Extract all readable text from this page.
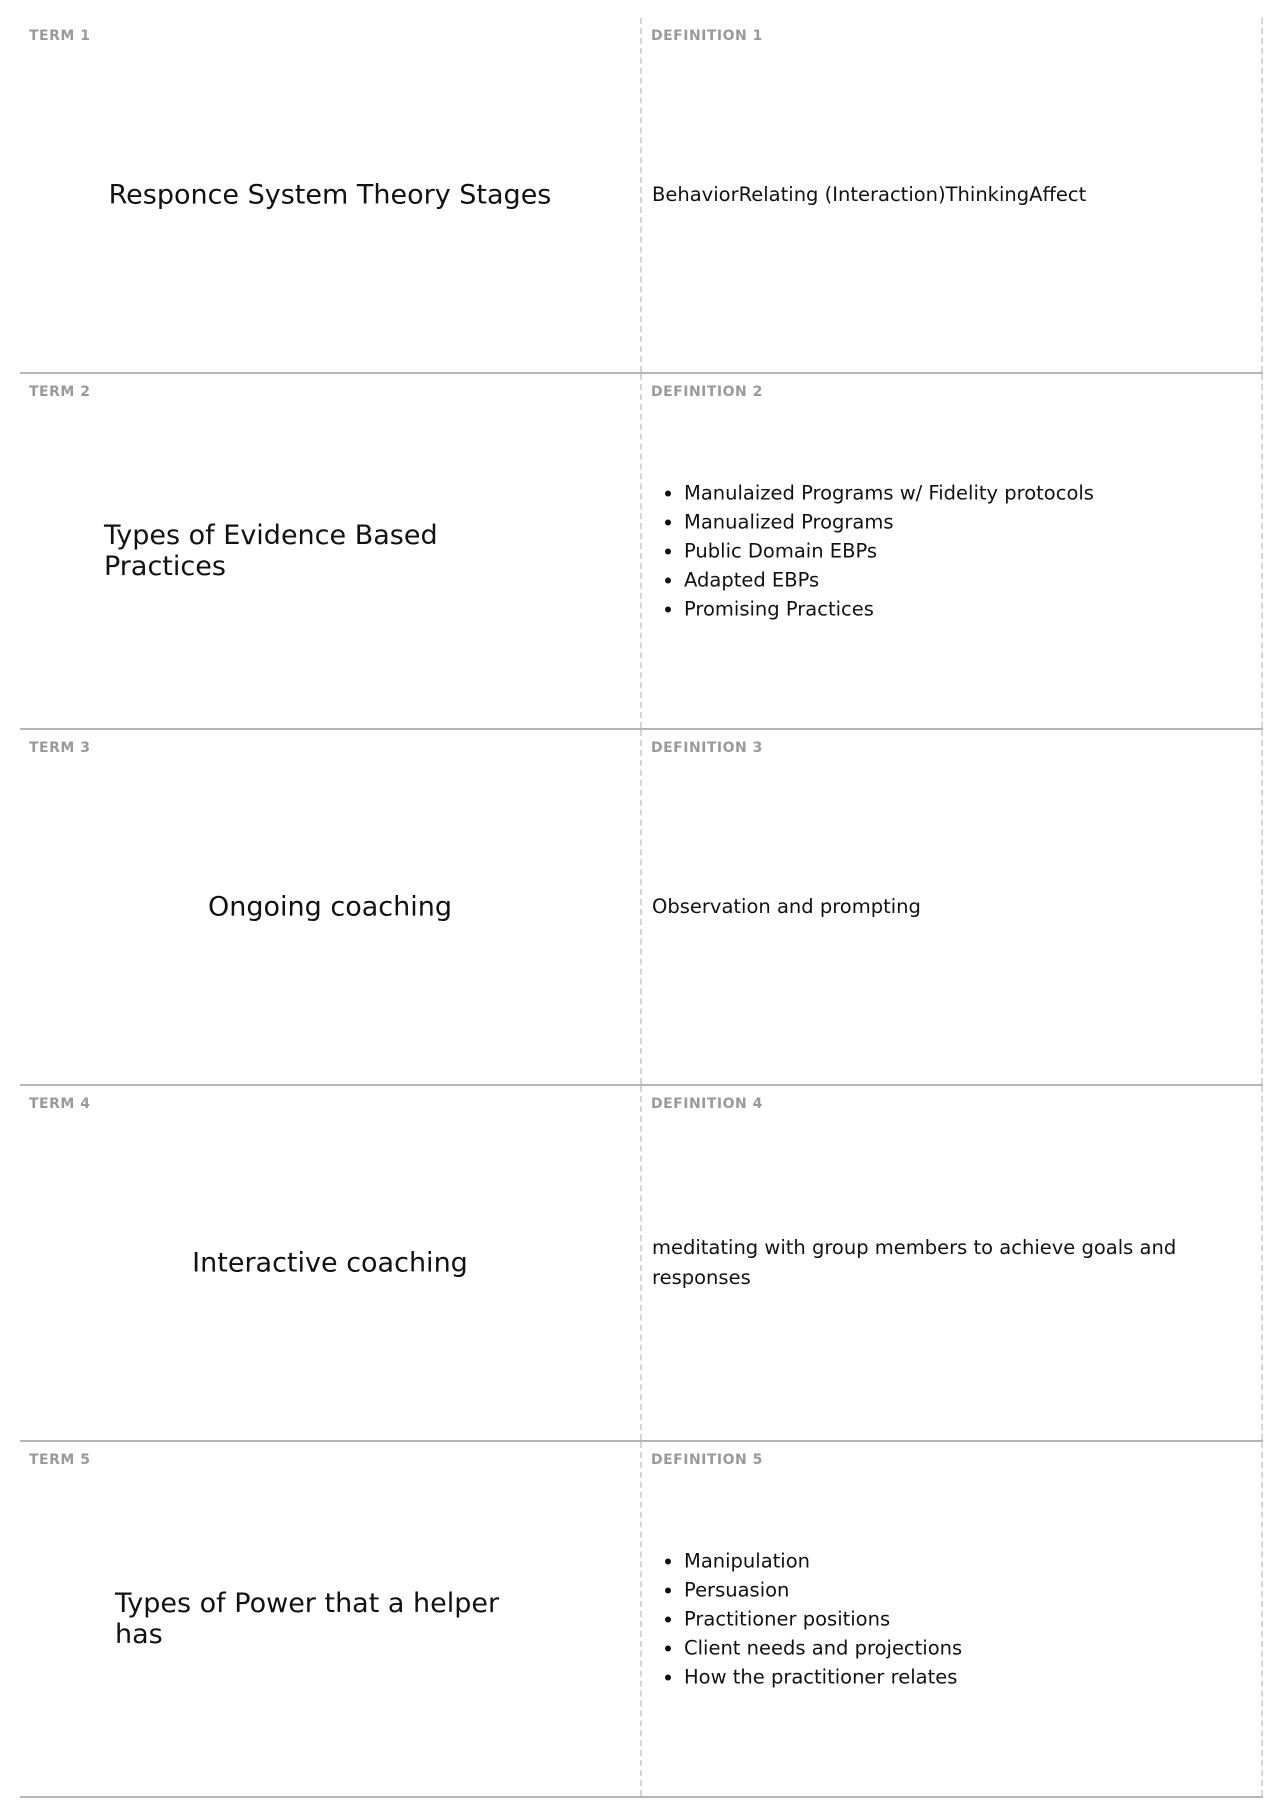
TERM 1
Responce System Theory Stages
DEFINITION 1
BehaviorRelating (Interaction)ThinkingAffect
TERM 2
Types of Evidence Based Practices
DEFINITION 2
• Manulaized Programs w/ Fidelity protocols
• Manualized Programs
• Public Domain EBPs
• Adapted EBPs
• Promising Practices
TERM 3
Ongoing coaching
DEFINITION 3
Observation and prompting
TERM 4
Interactive coaching
DEFINITION 4
meditating with group members to achieve goals and responses
TERM 5
Types of Power that a helper has
DEFINITION 5
• Manipulation
• Persuasion
• Practitioner positions
• Client needs and projections
• How the practitioner relates
